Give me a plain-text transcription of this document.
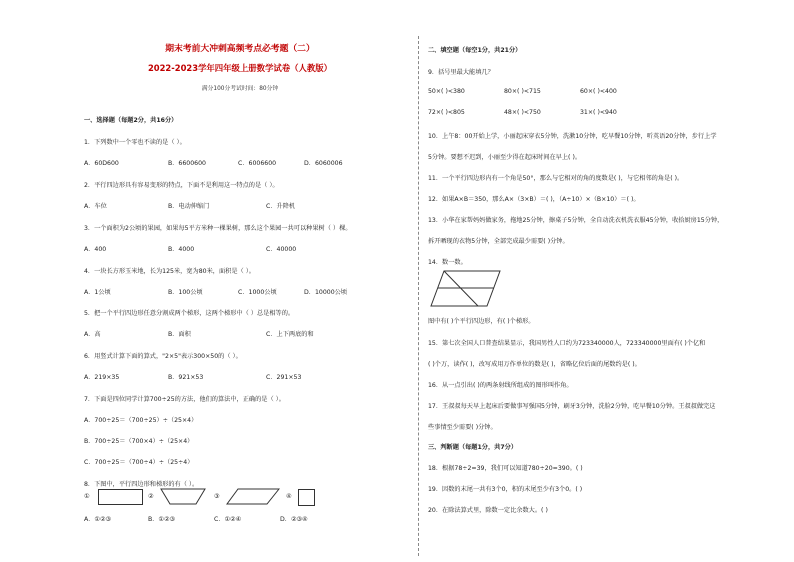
期末考前大冲刺高频考点必考题（二）
2022-2023学年四年级上册数学试卷（人教版）
满分100分考试时间：80分钟
一、选择题（每题2分，共16分）
1．下列数中一个零也不读的是（ ）。
A．60D600	B．6600600	C．6006600	D．6060006
2．平行四边形具有容易变形的特点，下面不是利用这一特点的是（ ）。
A．车位	B．电动伸缩门	C．升降机
3．一个面积为2公顷的果园，如果每5平方米种一棵果树，那么这个果园一共可以种果树（ ）棵。
A．400	B．4000	C．40000
4．一块长方形玉米地，长为125米，宽为80米，面积是（ ）。
A．1公顷	B．100公顷	C．1000公顷	D．10000公顷
5．把一个平行四边形任意分割成两个梯形，这两个梯形中（ ）总是相等的。
A．高	B．面积	C．上下两底的和
6．用竖式计算下面的算式，"2×5"表示300×50的（ ）。
A．219×35	B．921×53	C．291×53
7．下面是四位同学计算700÷25的方法，他们的算法中，正确的是（ ）。
A．700÷25＝（700÷25）÷（25×4）
B．700÷25＝（700×4）÷（25×4）
C．700÷25＝（700÷4）÷（25÷4）
8．下图中，平行四边形和梯形的有（ ）。
①	②	③	④
A．①②③	B．①②③	C．①②④	D．②③④
二、填空题（每空1分，共21分）
9．括号里最大能填几？
50×( )<380	80×( )<715	60×( )<400
72×( )<805	48×( )<750	31×( )<940
10．上午8：00开始上学，小丽起床穿衣5分钟，洗漱10分钟，吃早餐10分钟，听英语20分钟，步行上学
5分钟。要想不迟到，小丽至少得在起床时间在早上( )。
11．一个平行四边形内有一个角是50°，那么与它相对的角的度数是( )，与它相邻的角是( )。
12．如果A×B＝350，那么A×（3×B）＝( )，（A÷10）×（B×10）＝( )。
13．小华在家帮妈妈做家务，拖地25分钟，擦桌子5分钟，全自动洗衣机洗衣服45分钟，收拾厨房15分钟，
拆开晒现的衣物5分钟，全部完成最少需要( )分钟。
14．数一数。
图中有( )个平行四边形，有( )个梯形。
15．第七次全国人口普查结果显示，我国男性人口约为723340000人，723340000里面有( )个亿和
( )个万，读作( )，改写成用万作单位的数是( )，省略亿位后面的尾数约是( )。
16．从一点引出( )的两条射线所组成的图形叫作角。
17．王叔叔每天早上起床后要做事写强国5分钟，刷牙3分钟，洗脸2分钟，吃早餐10分钟。王叔叔做完这
些事情至少需要( )分钟。
三、判断题（每题1分，共7分）
18．根据78÷2=39，我们可以知道780÷20=390。( )
19．因数的末尾一共有3个0，积的末尾至少有3个0。( )
20．在除法算式里，除数一定比余数大。( )
